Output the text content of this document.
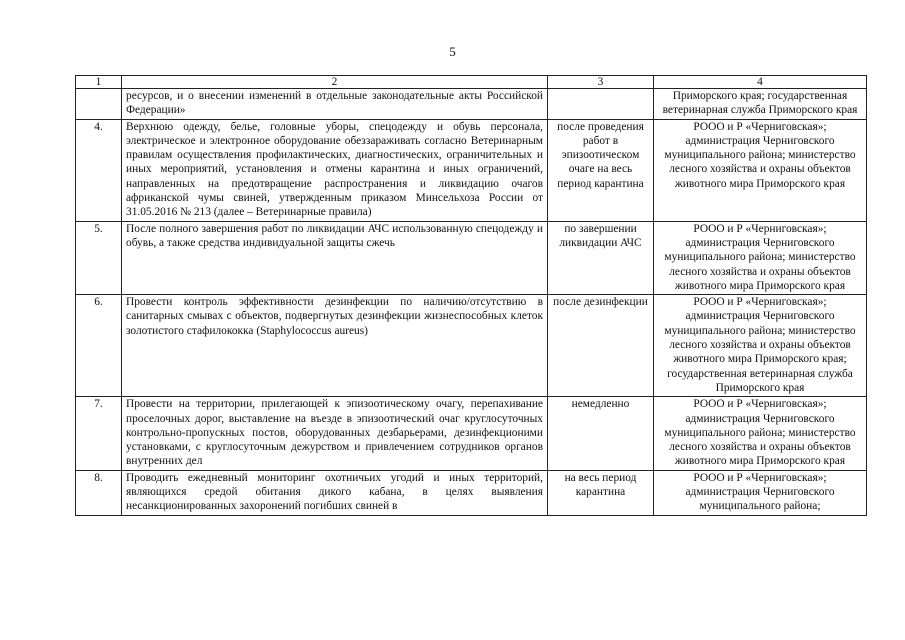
5
1	2	3	4
	ресурсов, и о внесении изменений в отдельные законодательные акты Российской Федерации»		Приморского края; государственная ветеринарная служба Приморского края
4.	Верхнюю одежду, белье, головные уборы, спецодежду и обувь персонала, электрическое и электронное оборудование обеззараживать согласно Ветеринарным правилам осуществления профилактических, диагностических, ограничительных и иных мероприятий, установления и отмены карантина и иных ограничений, направленных на предотвращение распространения и ликвидацию очагов африканской чумы свиней, утвержденным приказом Минсельхоза России от 31.05.2016 № 213 (далее – Ветеринарные правила)	после проведения работ в эпизоотическом очаге на весь период карантина	РООО и Р «Черниговская»; администрация Черниговского муниципального района; министерство лесного хозяйства и охраны объектов животного мира Приморского края
5.	После полного завершения работ по ликвидации АЧС использованную спецодежду и обувь, а также средства индивидуальной защиты сжечь	по завершении ликвидации АЧС	РООО и Р «Черниговская»; администрация Черниговского муниципального района; министерство лесного хозяйства и охраны объектов животного мира Приморского края
6.	Провести контроль эффективности дезинфекции по наличию/отсутствию в санитарных смывах с объектов, подвергнутых дезинфекции жизнеспособных клеток золотистого стафилококка (Staphylococcus aureus)	после дезинфекции	РООО и Р «Черниговская»; администрация Черниговского муниципального района; министерство лесного хозяйства и охраны объектов животного мира Приморского края; государственная ветеринарная служба Приморского края
7.	Провести на территории, прилегающей к эпизоотическому очагу, перепахивание проселочных дорог, выставление на въезде в эпизоотический очаг круглосуточных контрольно-пропускных постов, оборудованных дезбарьерами, дезинфекционими установками, с круглосуточным дежурством и привлечением сотрудников органов внутренних дел	немедленно	РООО и Р «Черниговская»; администрация Черниговского муниципального района; министерство лесного хозяйства и охраны объектов животного мира Приморского края
8.	Проводить ежедневный мониторинг охотничьих угодий и иных территорий, являющихся средой обитания дикого кабана, в целях выявления несанкционированных захоронений погибших свиней в	на весь период карантина	РООО и Р «Черниговская»; администрация Черниговского муниципального района;
